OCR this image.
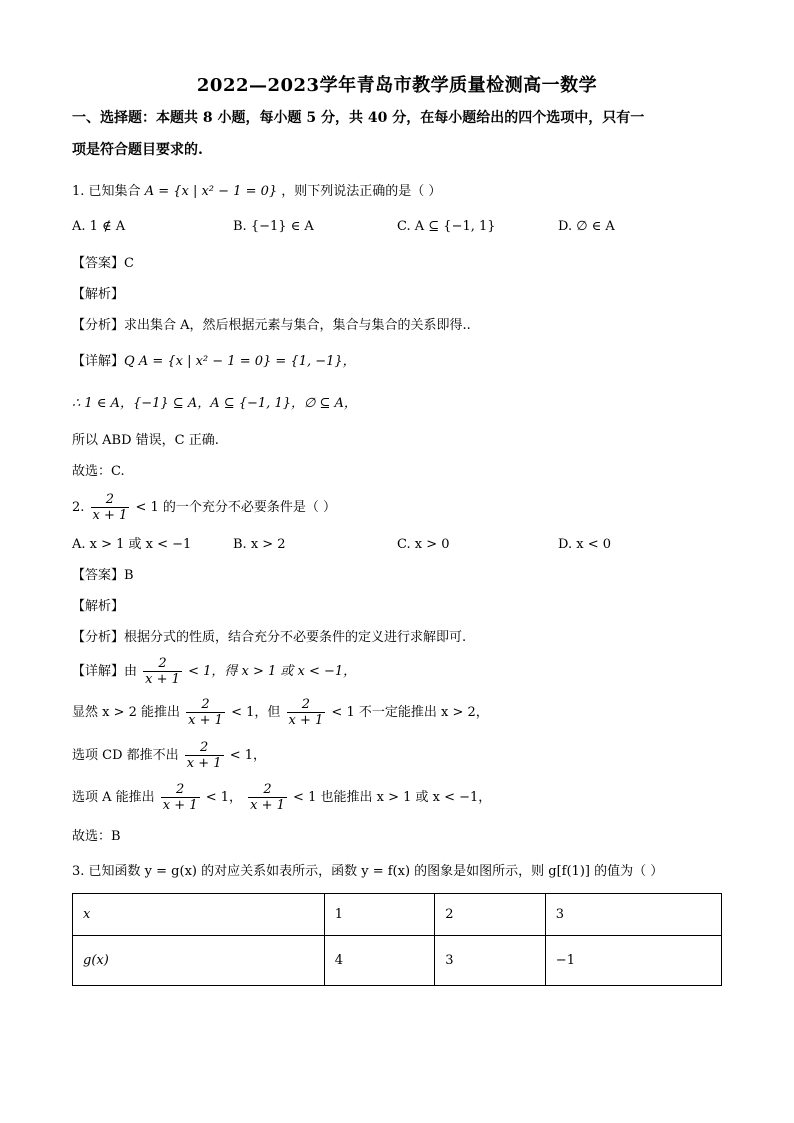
2022—2023学年青岛市教学质量检测高一数学
一、选择题：本题共 8 小题，每小题 5 分，共 40 分，在每小题给出的四个选项中，只有一
项是符合题目要求的.
1. 已知集合 A = {x | x² − 1 = 0} ，则下列说法正确的是（ ）
A. 1 ∉ A	B. {−1} ∈ A	C. A ⊆ {−1, 1}	D. ∅ ∈ A
【答案】C
【解析】
【分析】求出集合 A，然后根据元素与集合，集合与集合的关系即得..
【详解】Q A = {x | x² − 1 = 0} = {1, −1}，
∴ 1 ∈ A，{−1} ⊆ A，A ⊆ {−1, 1}，∅ ⊆ A，
所以 ABD 错误，C 正确.
故选：C.
2. $\frac{2}{x + 1} < 1$ 的一个充分不必要条件是（ ）
A. x > 1 或 x < −1	B. x > 2	C. x > 0	D. x < 0
【答案】B
【解析】
【分析】根据分式的性质，结合充分不必要条件的定义进行求解即可.
【详解】由 $\frac{2}{x + 1} < 1$，得 x > 1 或 x < −1，
显然 x > 2 能推出 $\frac{2}{x + 1} < 1$，但 $\frac{2}{x + 1} < 1$ 不一定能推出 x > 2，
选项 CD 都推不出 $\frac{2}{x + 1} < 1$，
选项 A 能推出 $\frac{2}{x + 1} < 1$， $\frac{2}{x + 1} < 1$ 也能推出 x > 1 或 x < −1，
故选：B
3. 已知函数 y = g(x) 的对应关系如表所示，函数 y = f(x) 的图象是如图所示，则 g[f(1)] 的值为（ ）
x	1	2	3
g(x)	4	3	−1
